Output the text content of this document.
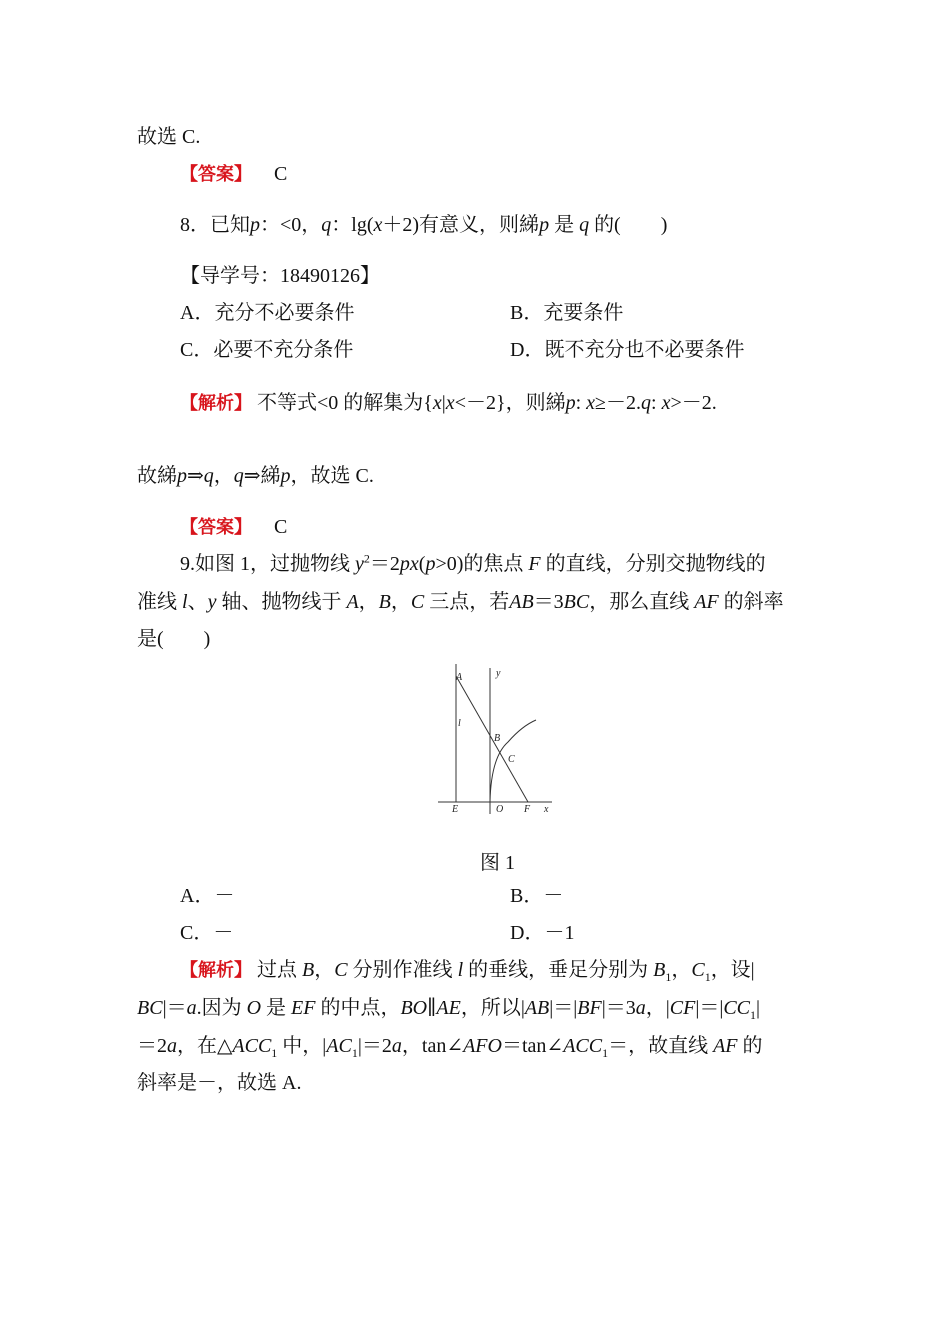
故选 C.
【答案】 C
8．已知p：<0，q：lg(x＋2)有意义，则綈p 是 q 的(　　)
【导学号：18490126】
A．充分不必要条件	B．充要条件
C．必要不充分条件	D．既不充分也不必要条件
【解析】 不等式<0 的解集为{x|x<－2}，则綈p: x≥－2.q: x>－2.
故綈p⇒q，q⇒綈p，故选 C.
【答案】 C
9.如图 1，过抛物线 $y^2=2px(p>0)$的焦点 F 的直线，分别交抛物线的
准线 l、y 轴、抛物线于 A，B，C 三点，若AB＝3BC，那么直线 AF 的斜率
是(　　)
A	y
l
B
C
E	O F x
图 1
A．－	B．－
C．－	D．－1
【解析】 过点 B，C 分别作准线 l 的垂线，垂足分别为 $B_1$，$C_1$，设|
BC|＝a.因为 O 是 EF 的中点，BO∥AE，所以|AB|＝|BF|＝3a，$|CF|=|CC_1|$
＝2a，在$\triangle ACC_1$ 中，$|AC_1|=2a$，$\tan\angle AFO=\tan\angle ACC_1=$，故直线 AF 的
斜率是－，故选 A.
